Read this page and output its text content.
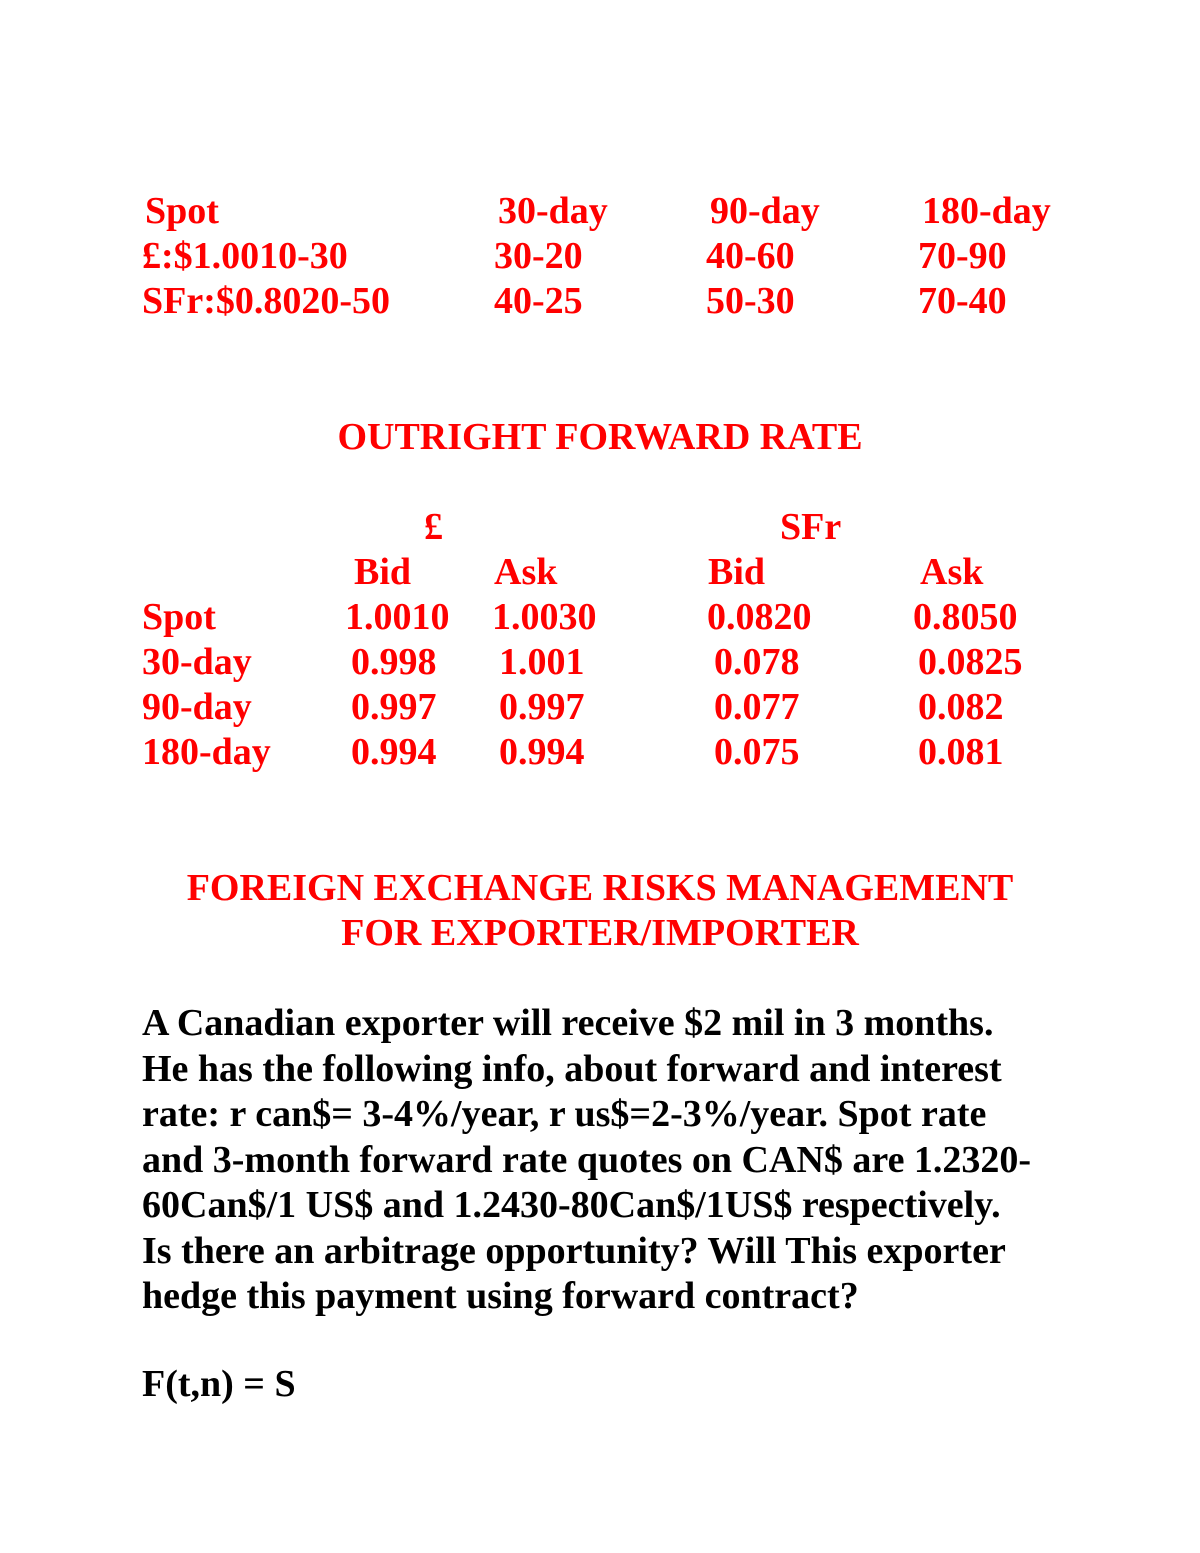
Spot	30-day	90-day	180-day
£:$1.0010-30	30-20	40-60	70-90
SFr:$0.8020-50	40-25	50-30	70-40
OUTRIGHT FORWARD RATE
£	SFr
Bid Ask	Bid	Ask
Spot	1.0010 1.0030	0.0820	0.8050
30-day	0.998 1.001	0.078	0.0825
90-day	0.997 0.997	0.077	0.082
180-day 0.994 0.994	0.075	0.081
FOREIGN EXCHANGE RISKS MANAGEMENT
FOR EXPORTER/IMPORTER
A Canadian exporter will receive $2 mil in 3 months.
He has the following info, about forward and interest
rate: r can$= 3-4%/year, r us$=2-3%/year. Spot rate
and 3-month forward rate quotes on CAN$ are 1.2320-
60Can$/1 US$ and 1.2430-80Can$/1US$ respectively.
Is there an arbitrage opportunity? Will This exporter
hedge this payment using forward contract?
F(t,n) = S
